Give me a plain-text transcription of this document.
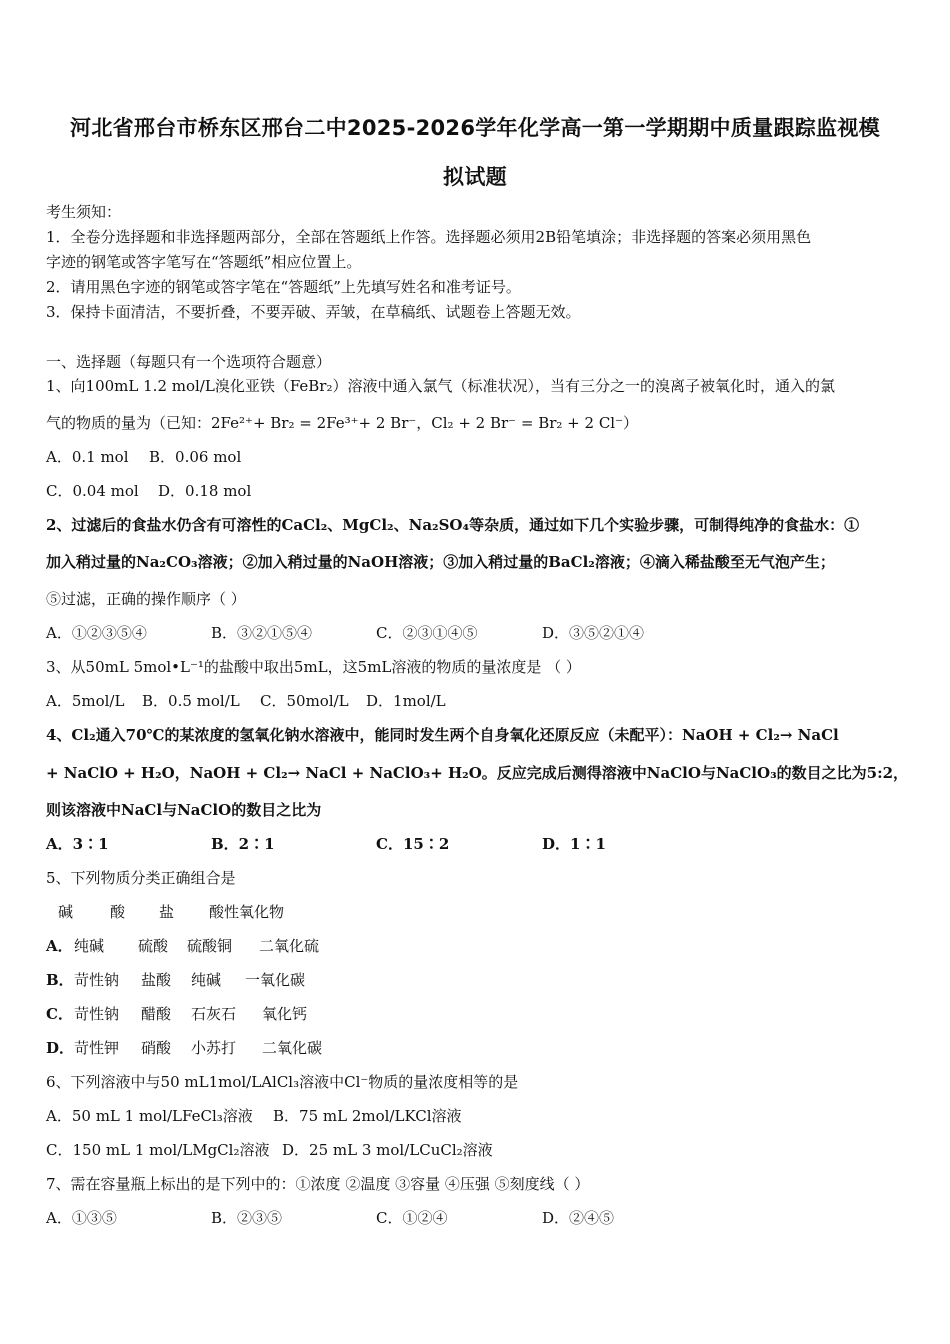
河北省邢台市桥东区邢台二中2025-2026学年化学高一第一学期期中质量跟踪监视模
拟试题
考生须知：
1．全卷分选择题和非选择题两部分，全部在答题纸上作答。选择题必须用2B铅笔填涂；非选择题的答案必须用黑色
字迹的钢笔或答字笔写在“答题纸”相应位置上。
2．请用黑色字迹的钢笔或答字笔在“答题纸”上先填写姓名和准考证号。
3．保持卡面清洁，不要折叠，不要弄破、弄皱，在草稿纸、试题卷上答题无效。
一、选择题（每题只有一个选项符合题意）
1、向100mL 1.2 mol/L溴化亚铁（FeBr₂）溶液中通入氯气（标准状况），当有三分之一的溴离子被氧化时，通入的氯
气的物质的量为（已知：2Fe²⁺+ Br₂ = 2Fe³⁺+ 2 Br⁻，Cl₂ + 2 Br⁻ = Br₂ + 2 Cl⁻）
A．0.1 mol B．0.06 mol
C．0.04 mol D．0.18 mol
2、过滤后的食盐水仍含有可溶性的CaCl₂、MgCl₂、Na₂SO₄等杂质，通过如下几个实验步骤，可制得纯净的食盐水：①
加入稍过量的Na₂CO₃溶液；②加入稍过量的NaOH溶液；③加入稍过量的BaCl₂溶液；④滴入稀盐酸至无气泡产生；
⑤过滤，正确的操作顺序（ ）
A．①②③⑤④	B．③②①⑤④	C．②③①④⑤	D．③⑤②①④
3、从50mL 5mol•L⁻¹的盐酸中取出5mL，这5mL溶液的物质的量浓度是 （ ）
A．5mol/L B．0.5 mol/L C．50mol/L D．1mol/L
4、Cl₂通入70℃的某浓度的氢氧化钠水溶液中，能同时发生两个自身氧化还原反应（未配平）：NaOH + Cl₂→ NaCl
+ NaClO + H₂O，NaOH + Cl₂→ NaCl + NaClO₃+ H₂O。反应完成后测得溶液中NaClO与NaClO₃的数目之比为5:2，
则该溶液中NaCl与NaClO的数目之比为
A．3∶1	B．2∶1	C．15∶2	D．1∶1
5、下列物质分类正确组合是
碱 酸 盐 酸性氧化物
A． 纯碱 硫酸 硫酸铜 二氧化硫
B． 苛性钠 盐酸 纯碱 一氧化碳
C． 苛性钠 醋酸 石灰石 氧化钙
D． 苛性钾 硝酸 小苏打 二氧化碳
6、下列溶液中与50 mL1mol/LAlCl₃溶液中Cl⁻物质的量浓度相等的是
A．50 mL 1 mol/LFeCl₃溶液 B．75 mL 2mol/LKCl溶液
C．150 mL 1 mol/LMgCl₂溶液 D．25 mL 3 mol/LCuCl₂溶液
7、需在容量瓶上标出的是下列中的：①浓度 ②温度 ③容量 ④压强 ⑤刻度线（ ）
A．①③⑤	B．②③⑤	C．①②④	D．②④⑤
